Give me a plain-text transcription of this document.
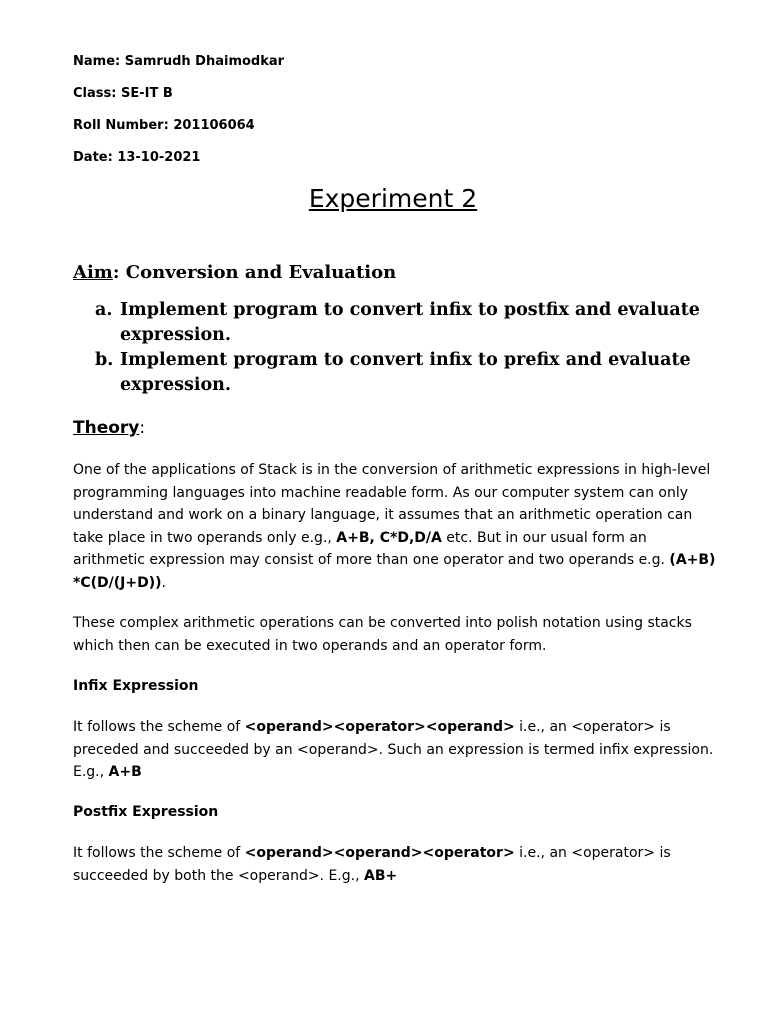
Name: Samrudh Dhaimodkar
Class: SE-IT B
Roll Number: 201106064
Date: 13-10-2021
Experiment 2
Aim: Conversion and Evaluation
a. Implement program to convert infix to postfix and evaluate expression.
b. Implement program to convert infix to prefix and evaluate expression.
Theory:

One of the applications of Stack is in the conversion of arithmetic expressions in high-level programming languages into machine readable form. As our computer system can only understand and work on a binary language, it assumes that an arithmetic operation can take place in two operands only e.g., A+B, C*D,D/A etc. But in our usual form an arithmetic expression may consist of more than one operator and two operands e.g. (A+B) *C(D/(J+D)).

These complex arithmetic operations can be converted into polish notation using stacks which then can be executed in two operands and an operator form.

Infix Expression

It follows the scheme of <operand><operator><operand> i.e., an <operator> is preceded and succeeded by an <operand>. Such an expression is termed infix expression. E.g., A+B

Postfix Expression

It follows the scheme of <operand><operand><operator> i.e., an <operator> is succeeded by both the <operand>. E.g., AB+
